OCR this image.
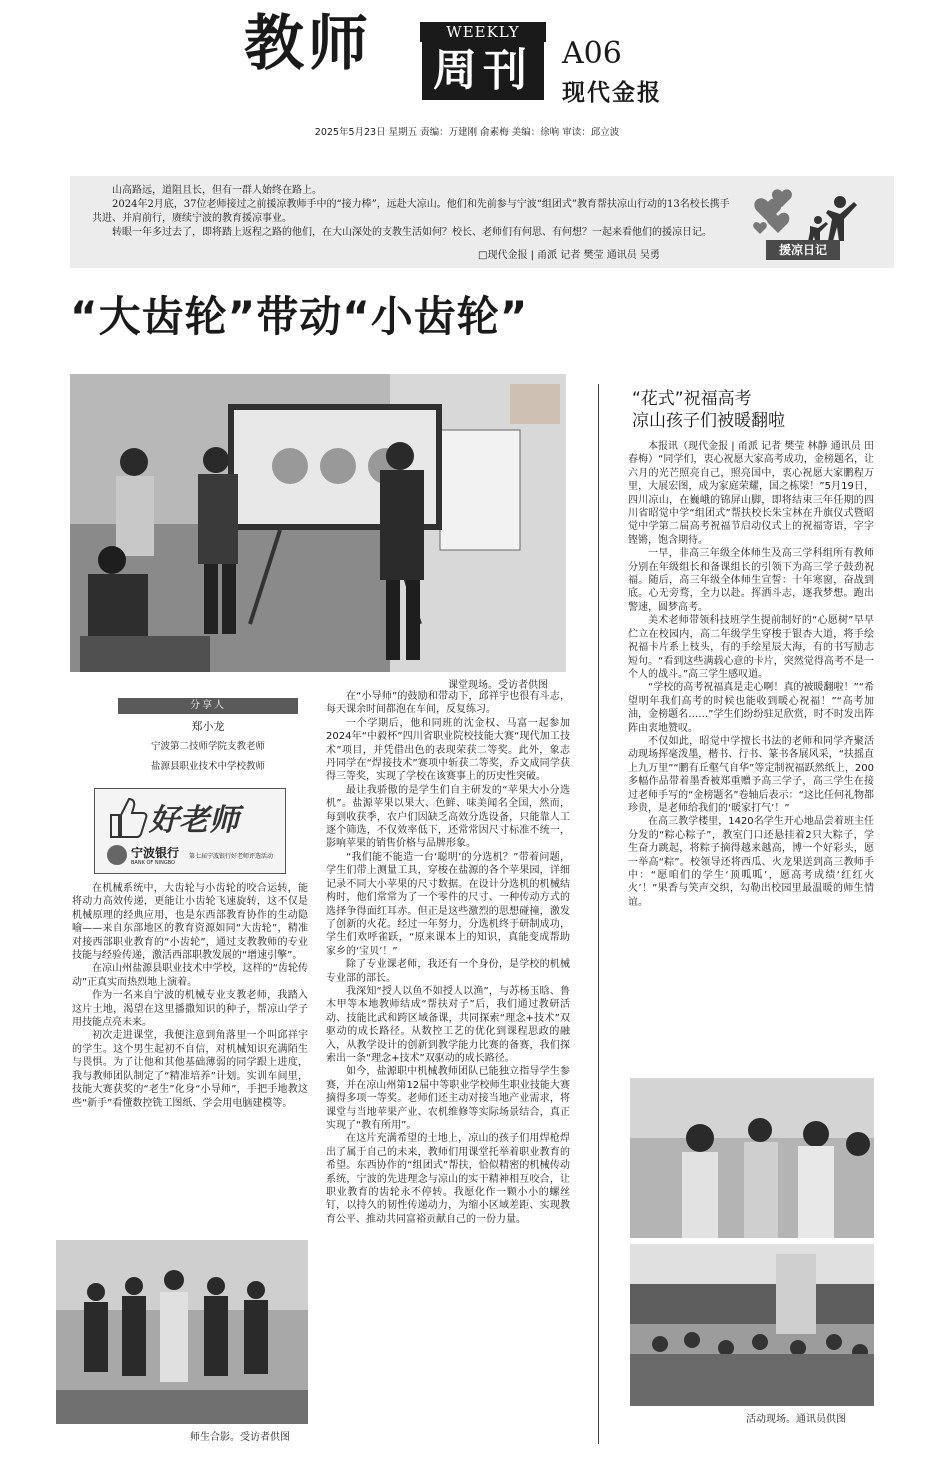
教师	WEEKLY
周刊 A06
现代金报
2025年5月23日 星期五 责编：万建刚 俞素梅 美编：徐响 审读：邱立波
山高路远，道阻且长，但有一群人始终在路上。
2024年2月底，37位老师接过之前援凉教师手中的“接力棒”，远赴大凉山。他们和先前参与宁波“组团式”教育帮扶凉山行动的13名校长携手共进、并肩前行，赓续宁波的教育援凉事业。
转眼一年多过去了，即将踏上返程之路的他们，在大山深处的支教生活如何？校长、老师们有何思、有何想？一起来看他们的援凉日记。
□现代金报 | 甬派 记者 樊莹 通讯员 吴勇	援凉日记
“大齿轮”带动“小齿轮”
课堂现场。受访者供图
分享人
郑小龙
宁波第二技师学院支教老师
盐源县职业技术中学校教师
好老师
宁波银行
BANK OF NINGBO
第七届宁波银行好老师评选活动

在机械系统中，大齿轮与小齿轮的咬合运转，能将动力高效传递，更能让小齿轮飞速旋转，这不仅是机械原理的经典应用，也是东西部教育协作的生动隐喻——来自东部地区的教育资源如同“大齿轮”，精准对接西部职业教育的“小齿轮”，通过支教教师的专业技能与经验传递，激活西部职教发展的“增速引擎”。

在凉山州盐源县职业技术中学校，这样的“齿轮传动”正真实而热烈地上演着。

作为一名来自宁波的机械专业支教老师，我踏入这片土地，渴望在这里播撒知识的种子，帮凉山学子用技能点亮未来。

初次走进课堂，我便注意到角落里一个叫邱祥宇的学生。这个男生起初不自信，对机械知识充满陌生与畏惧。为了让他和其他基础薄弱的同学跟上进度，我与教师团队制定了“精准培养”计划。实训车间里，技能大赛获奖的“老生”化身“小导师”，手把手地教这些“新手”看懂数控铣工图纸、学会用电脑建模等。

师生合影。受访者供图

在“小导师”的鼓励和带动下，邱祥宇也很有斗志，每天课余时间都泡在车间，反复练习。

一个学期后，他和同班的沈金权、马富一起参加2024年“中毅杯”四川省职业院校技能大赛“现代加工技术”项目，并凭借出色的表现荣获二等奖。此外，象志丹同学在“焊接技术”赛项中斩获二等奖，乔文成同学获得三等奖，实现了学校在该赛事上的历史性突破。

最让我骄傲的是学生们自主研发的“苹果大小分选机”。盐源苹果以果大、色鲜、味美闻名全国，然而，每到收获季，农户们因缺乏高效分选设备，只能靠人工逐个筛选，不仅效率低下，还常常因尺寸标准不统一，影响苹果的销售价格与品牌形象。

“我们能不能造一台‘聪明’的分选机？”带着问题，学生们带上测量工具，穿梭在盐源的各个苹果园，详细记录不同大小苹果的尺寸数据。在设计分选机的机械结构时，他们常常为了一个零件的尺寸、一种传动方式的选择争得面红耳赤。但正是这些激烈的思想碰撞，激发了创新的火花。经过一年努力，分选机终于研制成功，学生们欢呼雀跃，“原来课本上的知识，真能变成帮助家乡的‘宝贝’！”

除了专业课老师，我还有一个身份，是学校的机械专业部的部长。

我深知“授人以鱼不如授人以渔”，与苏杨玉晗、鲁木甲等本地教师结成“帮扶对子”后，我们通过教研活动、技能比武和跨区域备课，共同探索“理念+技术”双驱动的成长路径。从数控工艺的优化到课程思政的融入，从教学设计的创新到教学能力比赛的备赛，我们探索出一条“理念+技术”双驱动的成长路径。

如今，盐源职中机械教师团队已能独立指导学生参赛，并在凉山州第12届中等职业学校师生职业技能大赛摘得多项一等奖。老师们还主动对接当地产业需求，将课堂与当地苹果产业、农机维修等实际场景结合，真正实现了“教有所用”。

在这片充满希望的土地上，凉山的孩子们用焊枪焊出了属于自己的未来，教师们用课堂托举着职业教育的希望。东西协作的“组团式”帮扶，恰似精密的机械传动系统，宁波的先进理念与凉山的实干精神相互咬合，让职业教育的齿轮永不停转。我愿化作一颗小小的螺丝钉，以持久的韧性传递动力，为缩小区域差距、实现教育公平、推动共同富裕贡献自己的一份力量。

“花式”祝福高考
凉山孩子们被暖翻啦

本报讯（现代金报 | 甬派 记者 樊莹 林静 通讯员 田春梅）“同学们，衷心祝愿大家高考成功，金榜题名，让六月的光芒照亮自己，照亮国中，衷心祝愿大家鹏程万里，大展宏图，成为家庭荣耀，国之栋梁！”5月19日，四川凉山，在巍峨的锦屏山脚，即将结束三年任期的四川省昭觉中学“组团式”帮扶校长朱宝林在升旗仪式暨昭觉中学第二届高考祝福节启动仪式上的祝福寄语，字字铿锵，饱含期待。

一早，非高三年级全体师生及高三学科组所有教师分别在年级组长和备课组长的引领下为高三学子鼓劲祝福。随后，高三年级全体师生宣誓：十年寒窗，奋战到底。心无旁骛，全力以赴。挥洒斗志，逐我梦想。跑出警速，圆梦高考。

美术老师带领科技班学生提前制好的“心愿树”早早伫立在校园内，高二年级学生穿梭于银杏大道，将手绘祝福卡片系上枝头，有的手绘星辰大海，有的书写励志短句。“看到这些满载心意的卡片，突然觉得高考不是一个人的战斗。”高三学生感叹道。

“学校的高考祝福真是走心啊！真的被暖翻啦！”“希望明年我们高考的时候也能收到暖心祝福！”“高考加油，金榜题名……”学生们纷纷驻足欣赏，时不时发出阵阵由衷地赞叹。

不仅如此，昭觉中学擅长书法的老师和同学齐聚活动现场挥毫泼墨，楷书、行书、篆书各展风采，“扶摇直上九万里”“鹏有丘壑气自华”等定制祝福跃然纸上，200多幅作品带着墨香被郑重赠予高三学子，高三学生在接过老师手写的“金榜题名”卷轴后表示：“这比任何礼物都珍贵，是老师给我们的‘暖家打气’！”

在高三教学楼里，1420名学生开心地品尝着班主任分发的“粽心粽子”，教室门口还悬挂着2只大粽子，学生奋力跳起，将粽子摘得越来越高，博一个好彩头，愿一举高“粽”。校领导还将西瓜、火龙果送到高三教师手中：“愿咱们的学生‘顶呱呱’，愿高考成绩‘红红火火’！”果香与笑声交织，勾勒出校园里最温暖的师生情谊。

活动现场。通讯员供图
